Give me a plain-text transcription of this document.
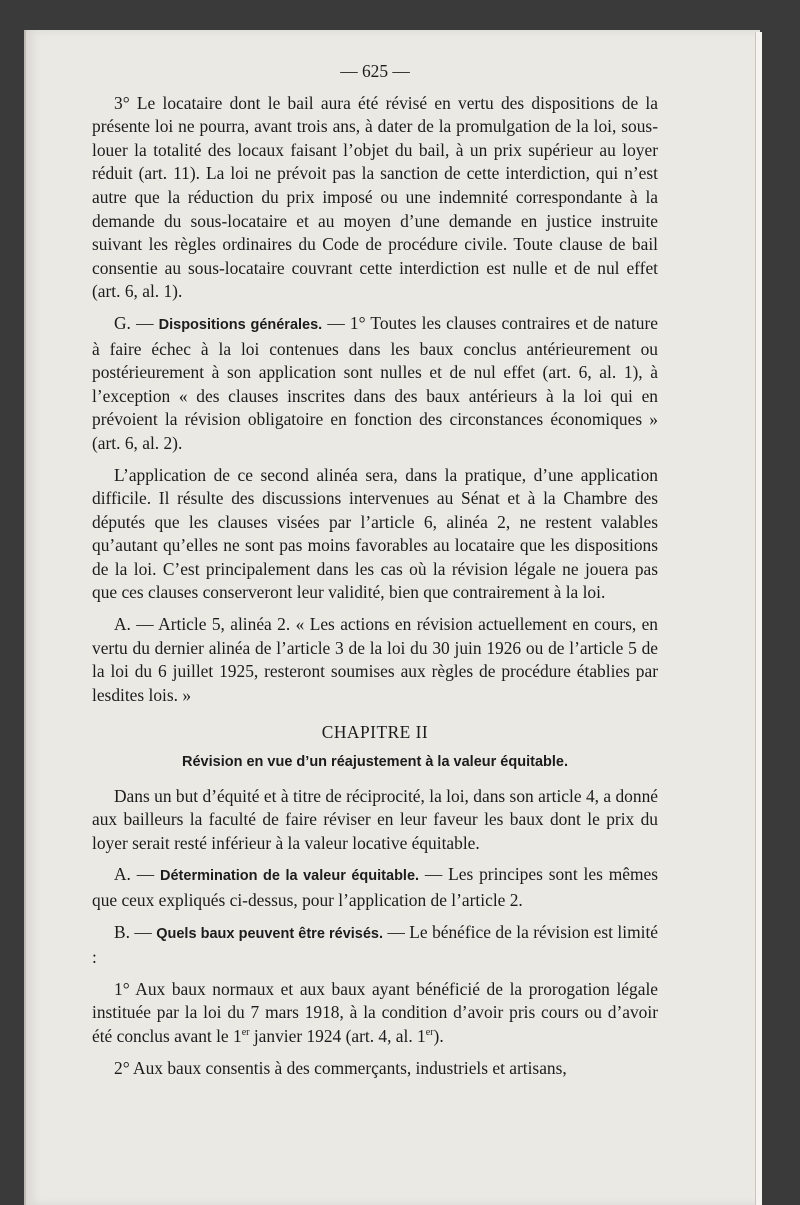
— 625 —

3° Le locataire dont le bail aura été révisé en vertu des dispositions de la présente loi ne pourra, avant trois ans, à dater de la promulgation de la loi, sous-louer la totalité des locaux faisant l’objet du bail, à un prix supérieur au loyer réduit (art. 11). La loi ne prévoit pas la sanction de cette interdiction, qui n’est autre que la réduction du prix imposé ou une indemnité correspondante à la demande du sous-locataire et au moyen d’une demande en justice instruite suivant les règles ordinaires du Code de procédure civile. Toute clause de bail consentie au sous-locataire couvrant cette interdiction est nulle et de nul effet (art. 6, al. 1).

G. — Dispositions générales. — 1° Toutes les clauses contraires et de nature à faire échec à la loi contenues dans les baux conclus antérieurement ou postérieurement à son application sont nulles et de nul effet (art. 6, al. 1), à l’exception « des clauses inscrites dans des baux antérieurs à la loi qui en prévoient la révision obligatoire en fonction des circonstances économiques » (art. 6, al. 2).

L’application de ce second alinéa sera, dans la pratique, d’une application difficile. Il résulte des discussions intervenues au Sénat et à la Chambre des députés que les clauses visées par l’article 6, alinéa 2, ne restent valables qu’autant qu’elles ne sont pas moins favorables au locataire que les dispositions de la loi. C’est principalement dans les cas où la révision légale ne jouera pas que ces clauses conserveront leur validité, bien que contrairement à la loi.

A. — Article 5, alinéa 2. « Les actions en révision actuellement en cours, en vertu du dernier alinéa de l’article 3 de la loi du 30 juin 1926 ou de l’article 5 de la loi du 6 juillet 1925, resteront soumises aux règles de procédure établies par lesdites lois. »

CHAPITRE II

Révision en vue d’un réajustement à la valeur équitable.

Dans un but d’équité et à titre de réciprocité, la loi, dans son article 4, a donné aux bailleurs la faculté de faire réviser en leur faveur les baux dont le prix du loyer serait resté inférieur à la valeur locative équitable.

A. — Détermination de la valeur équitable. — Les principes sont les mêmes que ceux expliqués ci-dessus, pour l’application de l’article 2.

B. — Quels baux peuvent être révisés. — Le bénéfice de la révision est limité :

1° Aux baux normaux et aux baux ayant bénéficié de la prorogation légale instituée par la loi du 7 mars 1918, à la condition d’avoir pris cours ou d’avoir été conclus avant le 1er janvier 1924 (art. 4, al. 1er).

2° Aux baux consentis à des commerçants, industriels et artisans,
